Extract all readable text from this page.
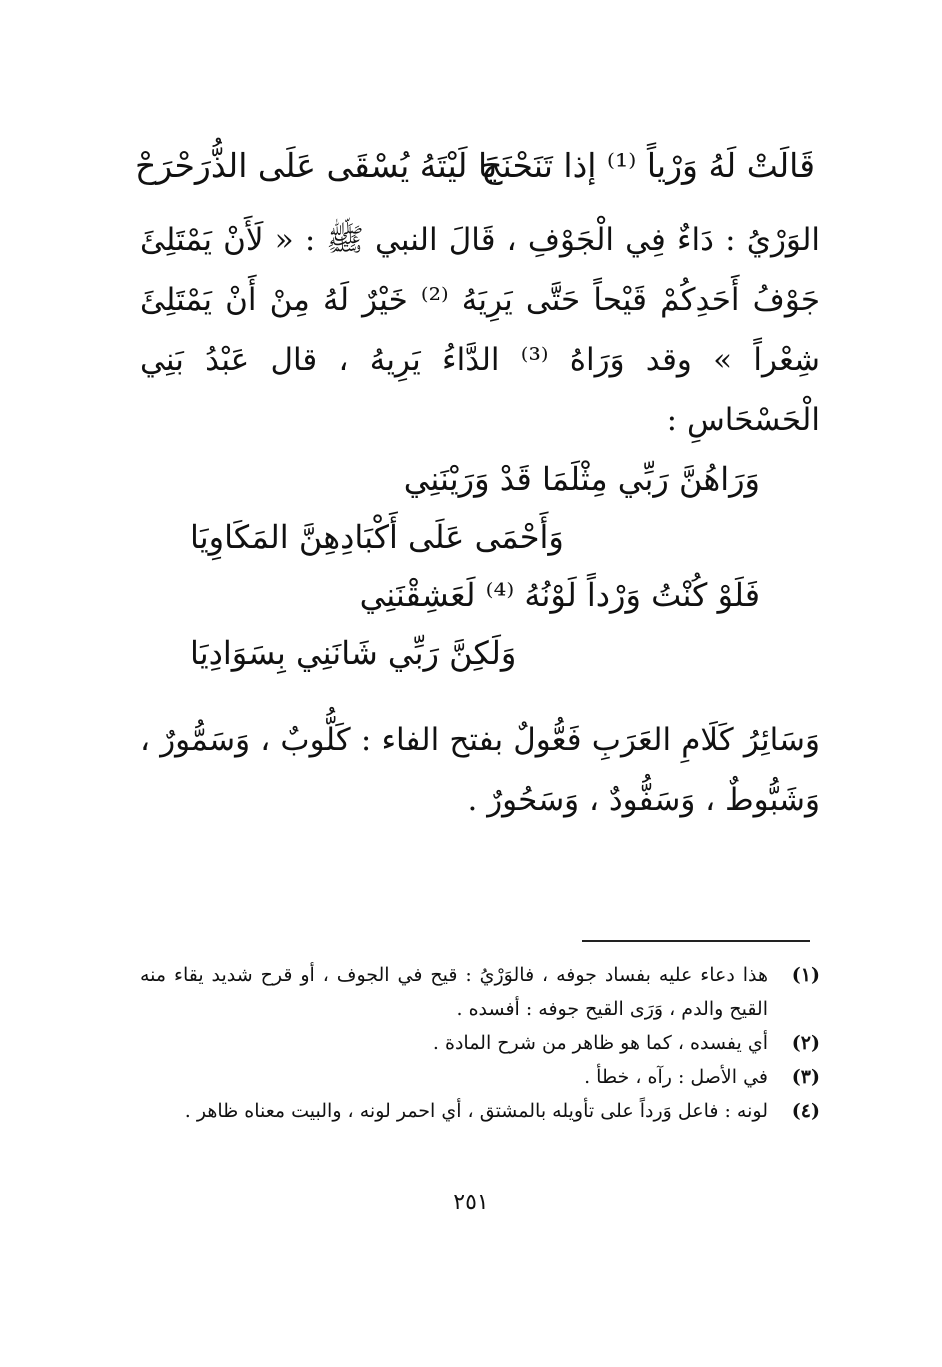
قَالَتْ لَهُ وَرْياً ⁽¹⁾ إذا تَنَحْنَحَ
يَا لَيْتَهُ يُسْقَى عَلَى الذُّرَحْرَحْ
الوَرْيُ : دَاءٌ فِي الْجَوْفِ ، قَالَ النبي ﷺ : « لَأَنْ يَمْتَلِئَ جَوْفُ أَحَدِكُمْ قَيْحاً حَتَّى يَرِيَهُ ⁽²⁾ خَيْرٌ لَهُ مِنْ أَنْ يَمْتَلِئَ شِعْراً » وقد وَرَاهُ ⁽³⁾ الدَّاءُ يَرِيهُ ، قال عَبْدُ بَنِي الْحَسْحَاسِ :
وَرَاهُنَّ رَبِّي مِثْلَمَا قَدْ وَرَيْنَنِي
وَأَحْمَى عَلَى أَكْبَادِهِنَّ المَكَاوِيَا
فَلَوْ كُنْتُ وَرْداً لَوْنُهُ ⁽⁴⁾ لَعَشِقْنَنِي
وَلَكِنَّ رَبِّي شَانَنِي بِسَوَادِيَا
وَسَائِرُ كَلَامِ العَرَبِ فَعُّولٌ بفتح الفاء : كَلُّوبٌ ، وَسَمُّورٌ ، وَشَبُّوطٌ ، وَسَفُّودٌ ، وَسَحُورٌ .
(١)
هذا دعاء عليه بفساد جوفه ، فالوَرْيُ : قيح في الجوف ، أو قرح شديد يقاء منه القيح والدم ، وَرَى القيح جوفه : أفسده .
(٢)
أي يفسده ، كما هو ظاهر من شرح المادة .
(٣)
في الأصل : رآه ، خطأ .
(٤)
لونه : فاعل وَرداً على تأويله بالمشتق ، أي احمر لونه ، والبيت معناه ظاهر .
٢٥١
